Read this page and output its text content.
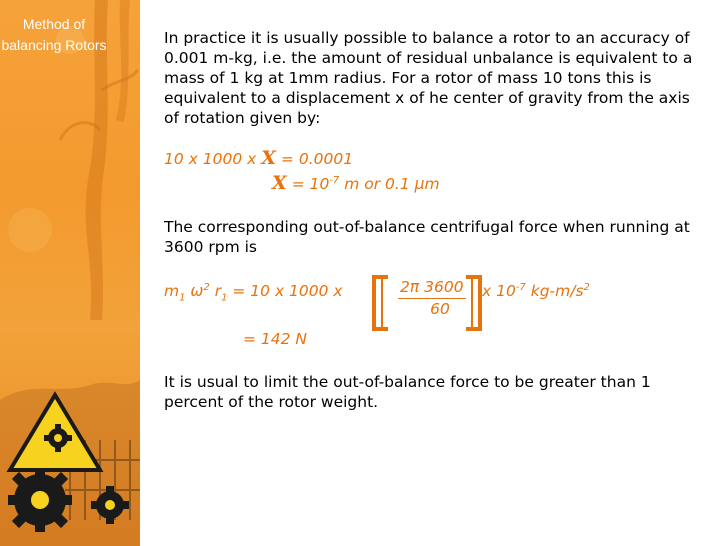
Method of balancing Rotors	In practice it is usually possible to balance a rotor to an accuracy of 0.001 m-kg, i.e. the amount of residual unbalance is equivalent to a mass of 1 kg at 1mm radius. For a rotor of mass 10 tons this is equivalent to a displacement x of he center of gravity from the axis of rotation given by:

10 x 1000 x X = 0.0001
$X = 10^{-7}$ m or 0.1 μm

The corresponding out-of-balance centrifugal force when running at 3600 rpm is

$m_1$ $\omega^2$ $r_1 = 10$ x 1000 x	2π 3600
60
x $10^{-7}$ $kg-m/s^2$
= 142 N

It is usual to limit the out-of-balance force to be greater than 1 percent of the rotor weight.
